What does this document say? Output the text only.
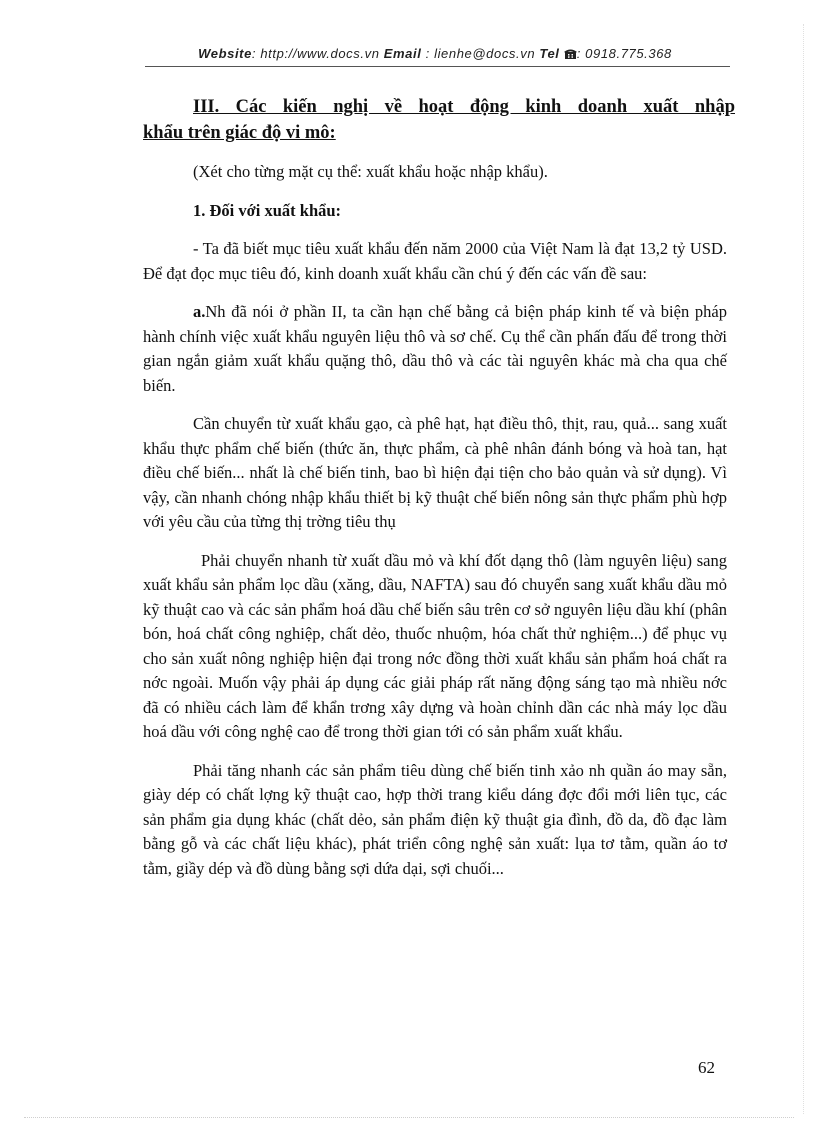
Website: http://www.docs.vn Email : lienhe@docs.vn Tel : 0918.775.368
III. Các kiến nghị về hoạt động kinh doanh xuất nhập
khẩu trên giác độ vi mô:

(Xét cho từng mặt cụ thể: xuất khẩu hoặc nhập khẩu).

1. Đối với xuất khẩu:

- Ta đã biết mục tiêu xuất khẩu đến năm 2000 của Việt Nam là đạt 13,2 tỷ USD. Để đạt đọc mục tiêu đó, kinh doanh xuất khẩu cần chú ý đến các vấn đề sau:

a.Nh đã nói ở phần II, ta cần hạn chế bằng cả biện pháp kinh tế và biện pháp hành chính việc xuất khẩu nguyên liệu thô và sơ chế. Cụ thể cần phấn đấu để trong thời gian ngắn giảm xuất khẩu quặng thô, dầu thô và các tài nguyên khác mà cha qua chế biến.

Cần chuyển từ xuất khẩu gạo, cà phê hạt, hạt điều thô, thịt, rau, quả... sang xuất khẩu thực phẩm chế biến (thức ăn, thực phẩm, cà phê nhân đánh bóng và hoà tan, hạt điều chế biến... nhất là chế biến tinh, bao bì hiện đại tiện cho bảo quản và sử dụng). Vì vậy, cần nhanh chóng nhập khẩu thiết bị kỹ thuật chế biến nông sản thực phẩm phù hợp với yêu cầu của từng thị trờng tiêu thụ

Phải chuyển nhanh từ xuất dầu mỏ và khí đốt dạng thô (làm nguyên liệu) sang xuất khẩu sản phẩm lọc dầu (xăng, dầu, NAFTA) sau đó chuyển sang xuất khẩu dầu mỏ kỹ thuật cao và các sản phẩm hoá dầu chế biến sâu trên cơ sở nguyên liệu dầu khí (phân bón, hoá chất công nghiệp, chất dẻo, thuốc nhuộm, hóa chất thử nghiệm...) để phục vụ cho sản xuất nông nghiệp hiện đại trong nớc đồng thời xuất khẩu sản phẩm hoá chất ra nớc ngoài. Muốn vậy phải áp dụng các giải pháp rất năng động sáng tạo mà nhiều nớc đã có nhiều cách làm để khẩn trơng xây dựng và hoàn chỉnh dần các nhà máy lọc dầu hoá dầu với công nghệ cao để trong thời gian tới có sản phẩm xuất khẩu.

Phải tăng nhanh các sản phẩm tiêu dùng chế biến tinh xảo nh quần áo may sẵn, giày dép có chất lợng kỹ thuật cao, hợp thời trang kiểu dáng đợc đổi mới liên tục, các sản phẩm gia dụng khác (chất dẻo, sản phẩm điện kỹ thuật gia đình, đồ da, đồ đạc làm bằng gỗ và các chất liệu khác), phát triển công nghệ sản xuất: lụa tơ tằm, quần áo tơ tằm, giầy dép và đồ dùng bằng sợi dứa dại, sợi chuối...

62
